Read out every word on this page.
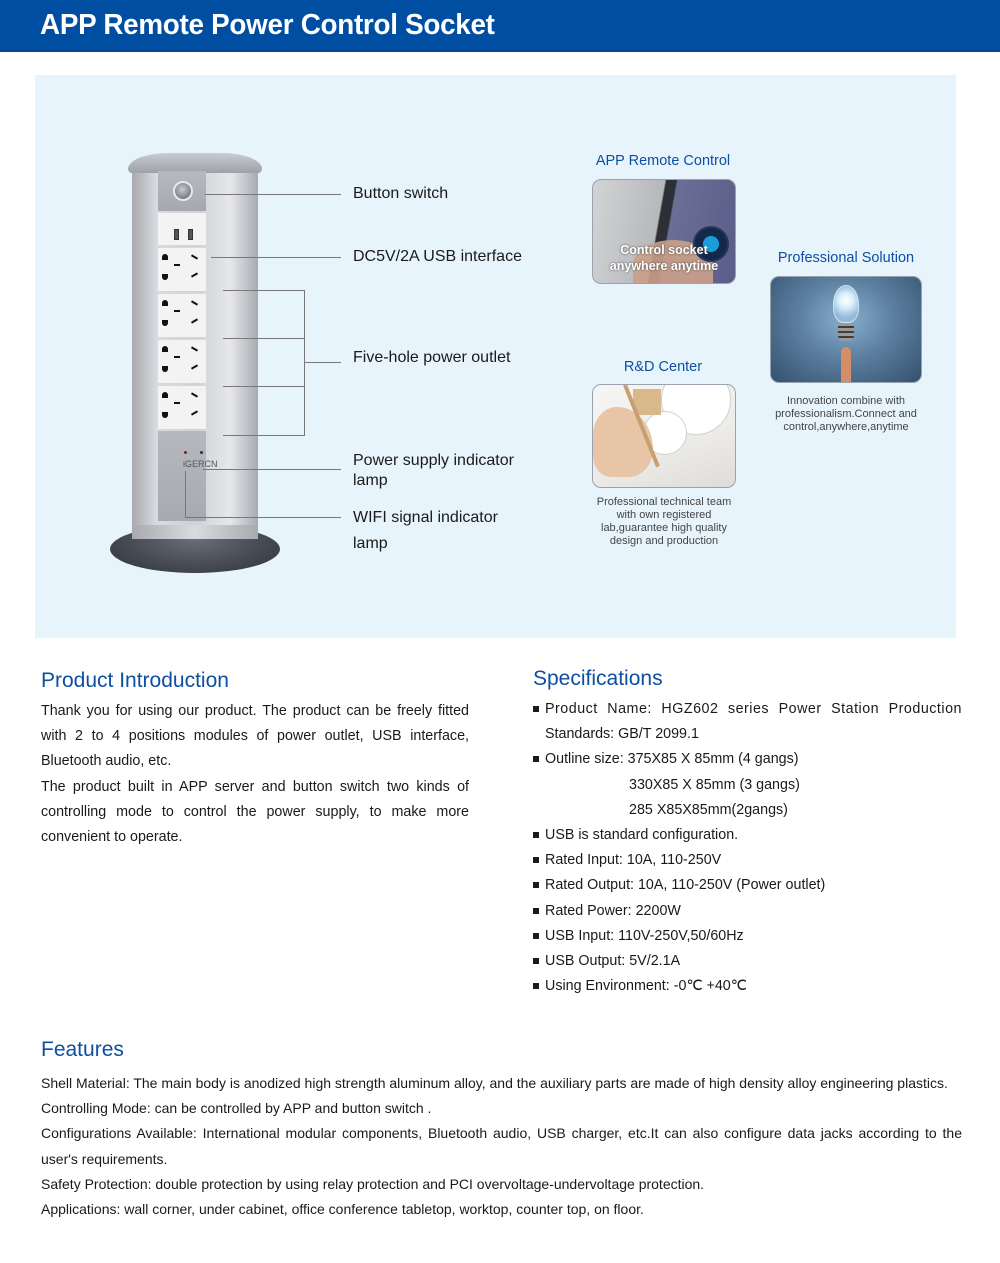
APP Remote Power Control Socket
iGERCN
Button switch
DC5V/2A USB interface
Five-hole power outlet
Power supply indicator lamp
WIFI signal indicator lamp
APP Remote Control
Control socket
anywhere anytime	Professional Solution
Innovation combine with professionalism.Connect and control,anywhere,anytime
R&D Center
Professional technical team with own registered lab,guarantee high quality design and production
Product Introduction

Thank you for using our product. The product can be freely fitted with 2 to 4 positions modules of power outlet, USB interface, Bluetooth audio, etc.

The product built in APP server and button switch two kinds of controlling mode to control the power supply, to make more convenient to operate.

Specifications
Product Name: HGZ602 series Power Station Production
Standards: GB/T 2099.1
Outline size: 375X85 X 85mm (4 gangs)
330X85 X 85mm (3 gangs)
285 X85X85mm(2gangs)
USB is standard configuration.
Rated Input: 10A, 110-250V
Rated Output: 10A, 110-250V (Power outlet)
Rated Power: 2200W
USB Input: 110V-250V,50/60Hz
USB Output: 5V/2.1A
Using Environment: -0℃ +40℃
Features

Shell Material: The main body is anodized high strength aluminum alloy, and the auxiliary parts are made of high density alloy engineering plastics.

Controlling Mode: can be controlled by APP and button switch .

Configurations Available: International modular components, Bluetooth audio, USB charger, etc.It can also configure data jacks according to the user's requirements.

Safety Protection: double protection by using relay protection and PCI overvoltage-undervoltage protection.

Applications: wall corner, under cabinet, office conference tabletop, worktop, counter top, on floor.
